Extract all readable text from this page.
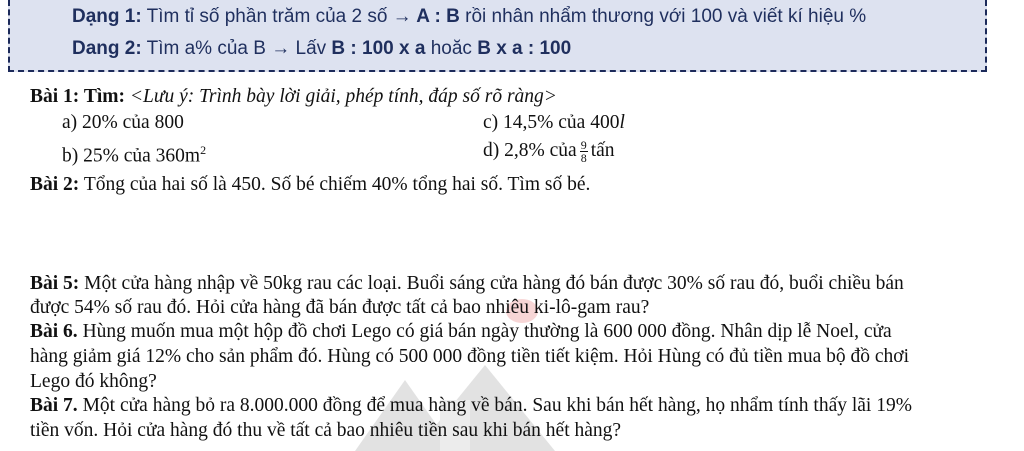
Dạng 1: Tìm tỉ số phần trăm của 2 số → A : B rồi nhân nhẩm thương với 100 và viết kí hiệu %
Dang 2: Tìm a% của B → Lấv B : 100 x a hoăc B x a : 100
Bài 1: Tìm: <Lưu ý: Trình bày lời giải, phép tính, đáp số rõ ràng>
a) 20% của 800	c) 14,5% của 400l
b) 25% của $360m^2$	d) 2,8% của $\frac{9}{8}$ tấn
Bài 2: Tổng của hai số là 450. Số bé chiếm 40% tổng hai số. Tìm số bé.
Bài 5: Một cửa hàng nhập về 50kg rau các loại. Buổi sáng cửa hàng đó bán được 30% số rau đó, buổi chiều bán
được 54% số rau đó. Hỏi cửa hàng đã bán được tất cả bao nhiêu ki-lô-gam rau?
Bài 6. Hùng muốn mua một hộp đồ chơi Lego có giá bán ngày thường là 600 000 đồng. Nhân dịp lễ Noel, cửa
hàng giảm giá 12% cho sản phẩm đó. Hùng có 500 000 đồng tiền tiết kiệm. Hỏi Hùng có đủ tiền mua bộ đồ chơi
Lego đó không?
Bài 7. Một cửa hàng bỏ ra 8.000.000 đồng để mua hàng về bán. Sau khi bán hết hàng, họ nhẩm tính thấy lãi 19%
tiền vốn. Hỏi cửa hàng đó thu về tất cả bao nhiêu tiền sau khi bán hết hàng?
